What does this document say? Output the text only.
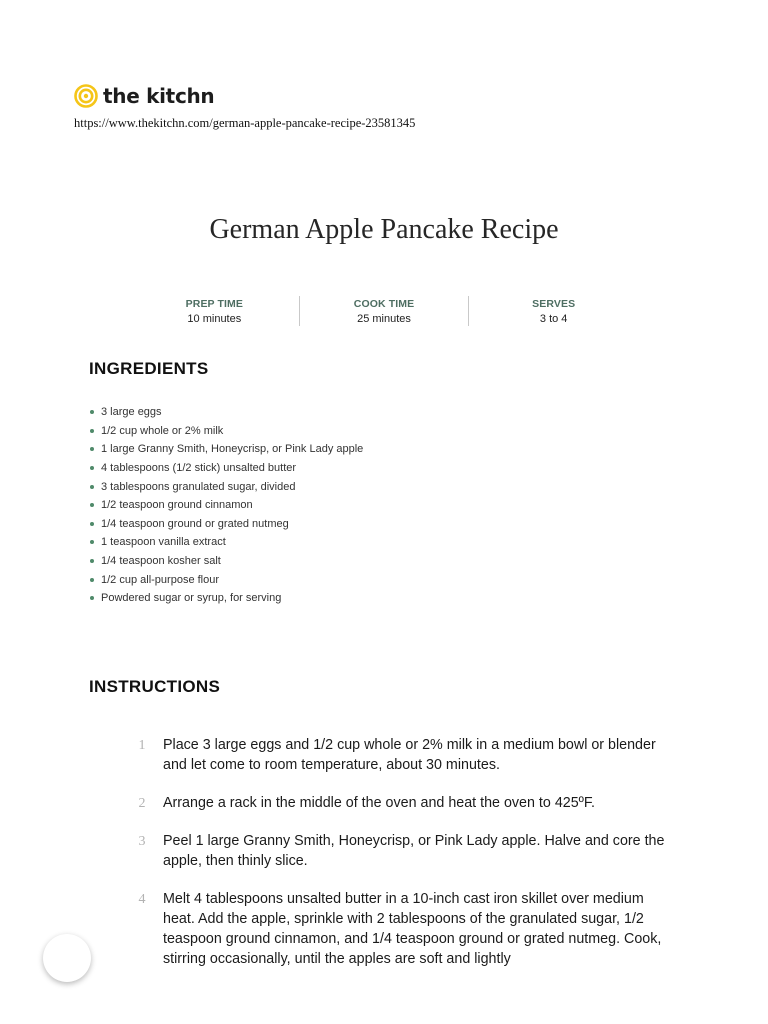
the kitchn
https://www.thekitchn.com/german-apple-pancake-recipe-23581345
German Apple Pancake Recipe
PREP TIME
10 minutes
COOK TIME
25 minutes
SERVES
3 to 4
INGREDIENTS
3 large eggs
1/2 cup whole or 2% milk
1 large Granny Smith, Honeycrisp, or Pink Lady apple
4 tablespoons (1/2 stick) unsalted butter
3 tablespoons granulated sugar, divided
1/2 teaspoon ground cinnamon
1/4 teaspoon ground or grated nutmeg
1 teaspoon vanilla extract
1/4 teaspoon kosher salt
1/2 cup all-purpose flour
Powdered sugar or syrup, for serving
INSTRUCTIONS
1 Place 3 large eggs and 1/2 cup whole or 2% milk in a medium bowl or blender and let come to room temperature, about 30 minutes.
2 Arrange a rack in the middle of the oven and heat the oven to 425ºF.
3 Peel 1 large Granny Smith, Honeycrisp, or Pink Lady apple. Halve and core the apple, then thinly slice.
4 Melt 4 tablespoons unsalted butter in a 10-inch cast iron skillet over medium heat. Add the apple, sprinkle with 2 tablespoons of the granulated sugar, 1/2 teaspoon ground cinnamon, and 1/4 teaspoon ground or grated nutmeg. Cook, stirring occasionally, until the apples are soft and lightly
